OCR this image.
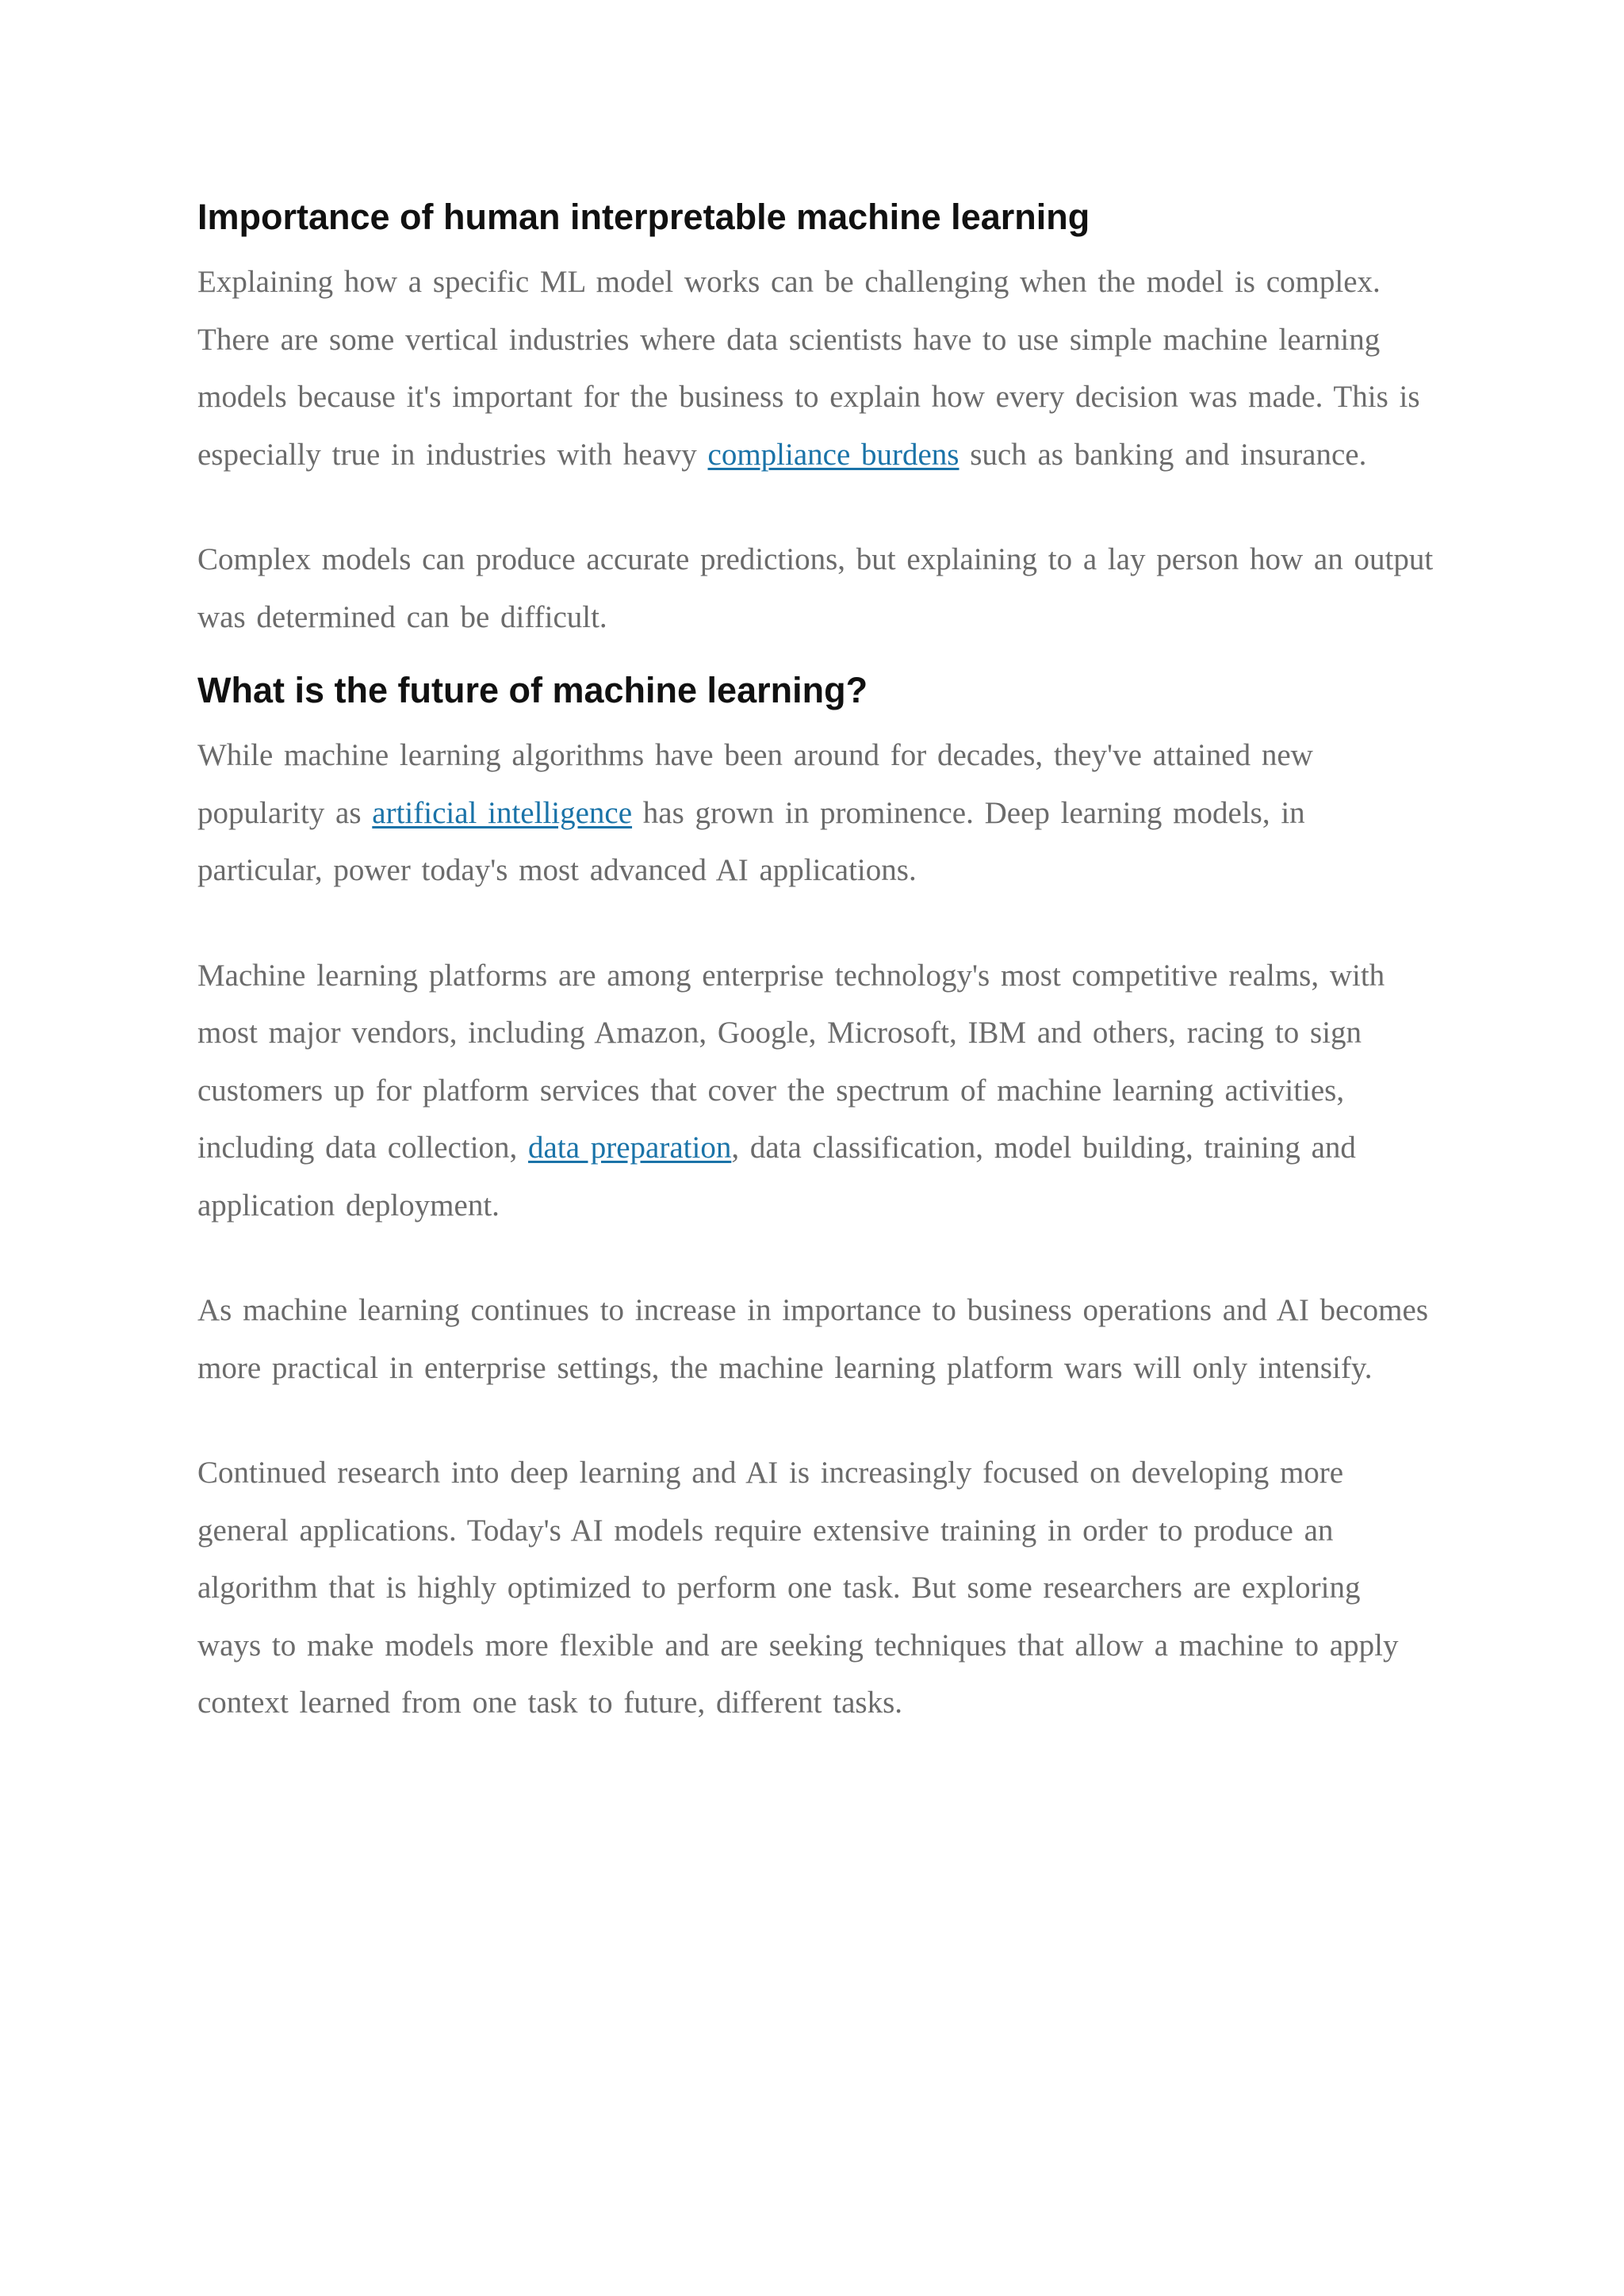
Importance of human interpretable machine learning

Explaining how a specific ML model works can be challenging when the model is complex. There are some vertical industries where data scientists have to use simple machine learning models because it's important for the business to explain how every decision was made. This is especially true in industries with heavy compliance burdens such as banking and insurance.

Complex models can produce accurate predictions, but explaining to a lay person how an output was determined can be difficult.

What is the future of machine learning?

While machine learning algorithms have been around for decades, they've attained new popularity as artificial intelligence has grown in prominence. Deep learning models, in particular, power today's most advanced AI applications.

Machine learning platforms are among enterprise technology's most competitive realms, with most major vendors, including Amazon, Google, Microsoft, IBM and others, racing to sign customers up for platform services that cover the spectrum of machine learning activities, including data collection, data preparation, data classification, model building, training and application deployment.

As machine learning continues to increase in importance to business operations and AI becomes more practical in enterprise settings, the machine learning platform wars will only intensify.

Continued research into deep learning and AI is increasingly focused on developing more general applications. Today's AI models require extensive training in order to produce an algorithm that is highly optimized to perform one task. But some researchers are exploring ways to make models more flexible and are seeking techniques that allow a machine to apply context learned from one task to future, different tasks.
